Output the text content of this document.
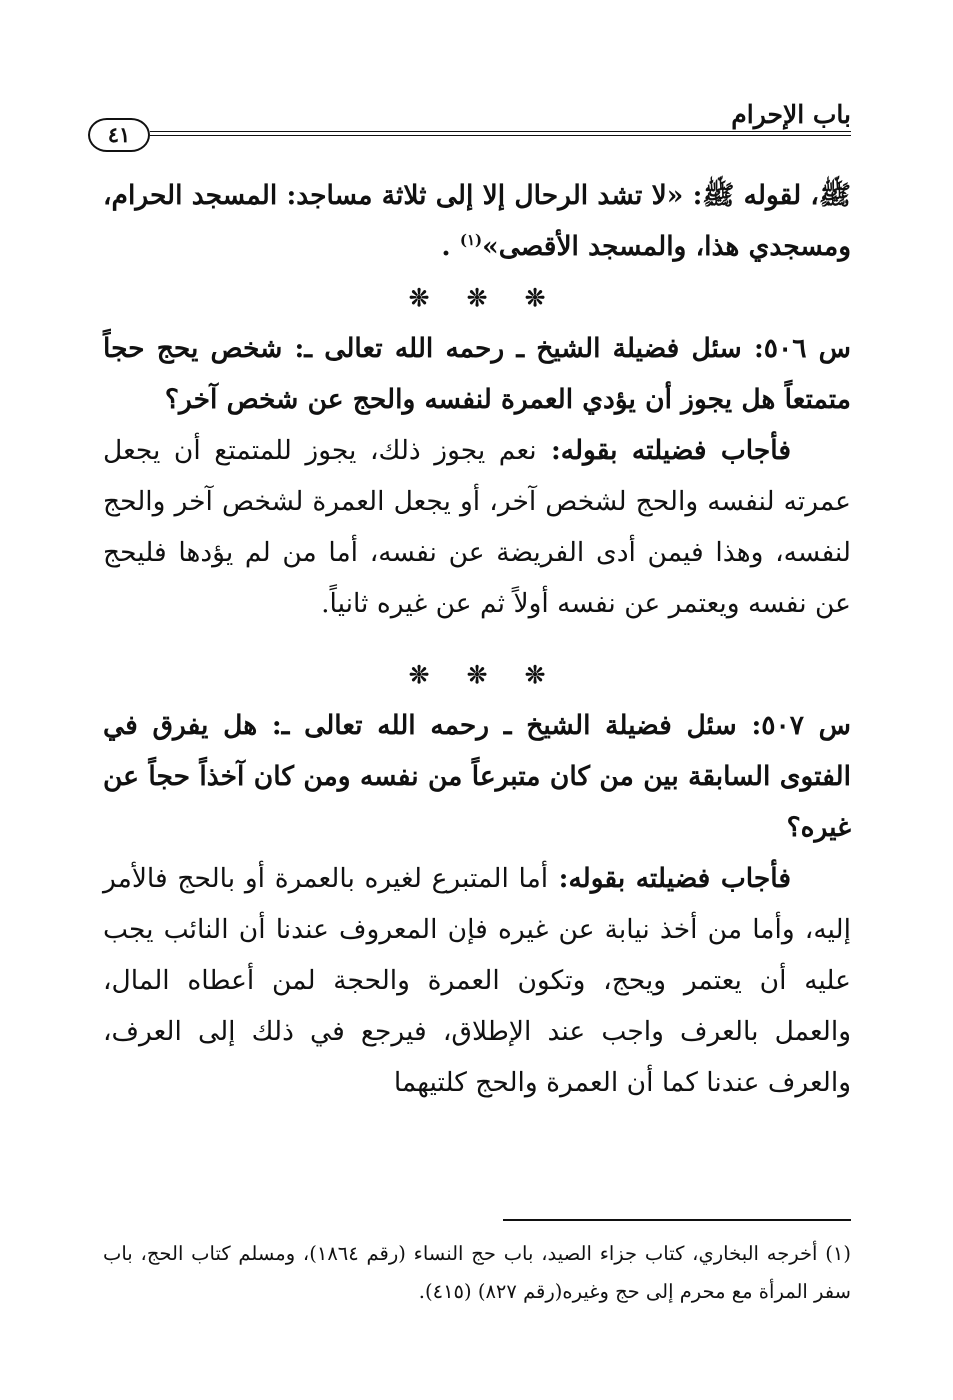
باب الإحرام
٤١

ﷺ، لقوله ﷺ: «لا تشد الرحال إلا إلى ثلاثة مساجد: المسجد الحرام، ومسجدي هذا، والمسجد الأقصى»$^{(١)}$ .

❊❊❊

س ٥٠٦: سئل فضيلة الشيخ ـ رحمه الله تعالى ـ: شخص يحج حجاً متمتعاً هل يجوز أن يؤدي العمرة لنفسه والحج عن شخص آخر؟

فأجاب فضيلته بقوله: نعم يجوز ذلك، يجوز للمتمتع أن يجعل عمرته لنفسه والحج لشخص آخر، أو يجعل العمرة لشخص آخر والحج لنفسه، وهذا فيمن أدى الفريضة عن نفسه، أما من لم يؤدها فليحج عن نفسه ويعتمر عن نفسه أولاً ثم عن غيره ثانياً.

❊❊❊

س ٥٠٧: سئل فضيلة الشيخ ـ رحمه الله تعالى ـ: هل يفرق في الفتوى السابقة بين من كان متبرعاً من نفسه ومن كان آخذاً حجاً عن غيره؟

فأجاب فضيلته بقوله: أما المتبرع لغيره بالعمرة أو بالحج فالأمر إليه، وأما من أخذ نيابة عن غيره فإن المعروف عندنا أن النائب يجب عليه أن يعتمر ويحج، وتكون العمرة والحجة لمن أعطاه المال، والعمل بالعرف واجب عند الإطلاق، فيرجع في ذلك إلى العرف، والعرف عندنا كما أن العمرة والحج كلتيهما

(١) أخرجه البخاري، كتاب جزاء الصيد، باب حج النساء (رقم ١٨٦٤)، ومسلم كتاب الحج، باب سفر المرأة مع محرم إلى حج وغيره(رقم ٨٢٧) (٤١٥).
